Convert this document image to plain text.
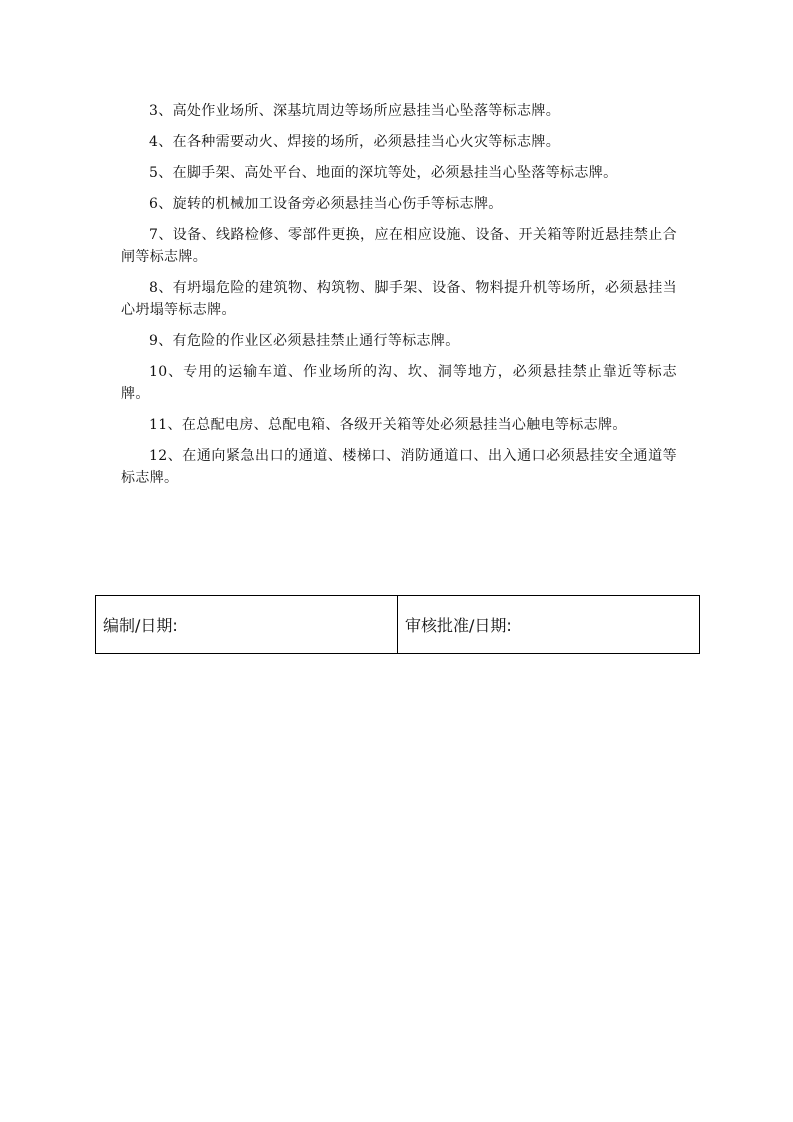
3、高处作业场所、深基坑周边等场所应悬挂当心坠落等标志牌。

4、在各种需要动火、焊接的场所，必须悬挂当心火灾等标志牌。

5、在脚手架、高处平台、地面的深坑等处，必须悬挂当心坠落等标志牌。

6、旋转的机械加工设备旁必须悬挂当心伤手等标志牌。

7、设备、线路检修、零部件更换，应在相应设施、设备、开关箱等附近悬挂禁止合闸等标志牌。

8、有坍塌危险的建筑物、构筑物、脚手架、设备、物料提升机等场所，必须悬挂当心坍塌等标志牌。

9、有危险的作业区必须悬挂禁止通行等标志牌。

10、专用的运输车道、作业场所的沟、坎、洞等地方，必须悬挂禁止靠近等标志牌。

11、在总配电房、总配电箱、各级开关箱等处必须悬挂当心触电等标志牌。

12、在通向紧急出口的通道、楼梯口、消防通道口、出入通口必须悬挂安全通道等标志牌。

编制/日期:	审核批准/日期:
